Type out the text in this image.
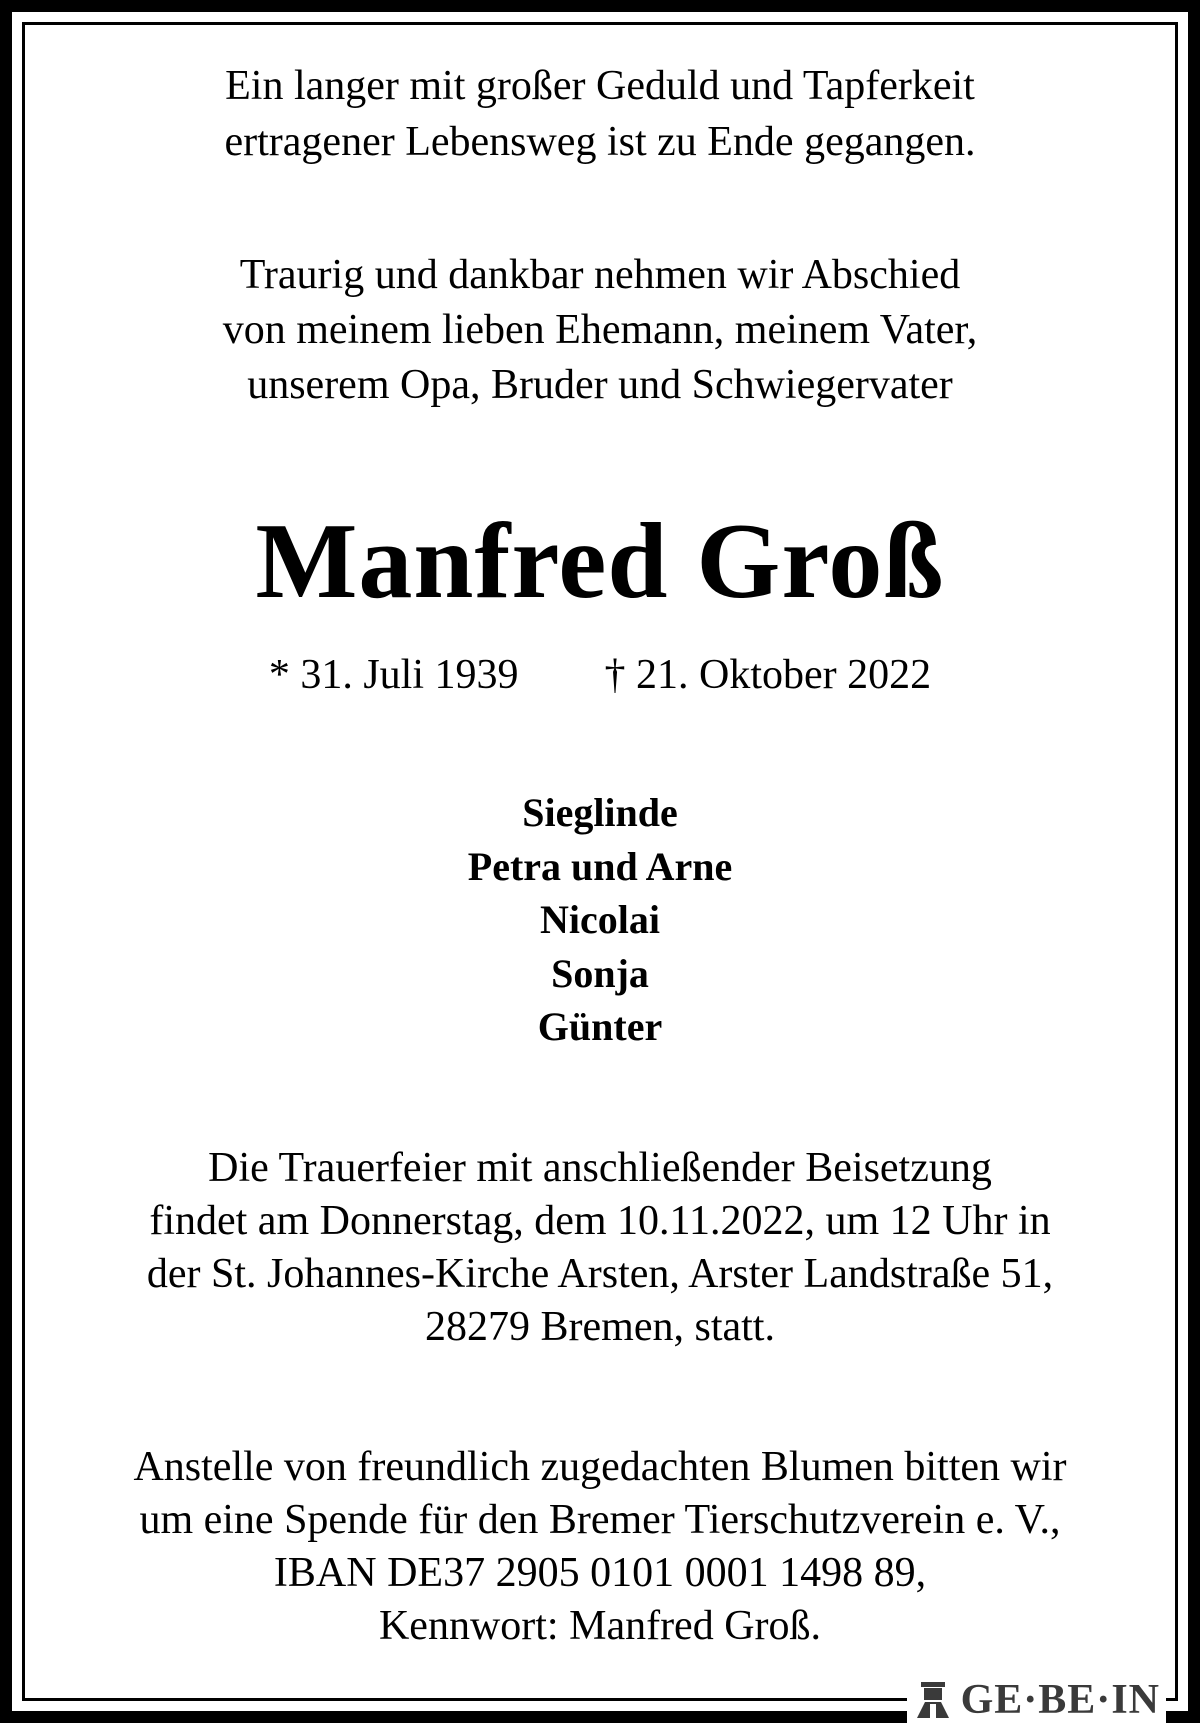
Ein langer mit großer Geduld und Tapferkeit
ertragener Lebensweg ist zu Ende gegangen.
Traurig und dankbar nehmen wir Abschied
von meinem lieben Ehemann, meinem Vater,
unserem Opa, Bruder und Schwiegervater
Manfred Groß
* 31. Juli 1939 † 21. Oktober 2022
Sieglinde
Petra und Arne
Nicolai
Sonja
Günter
Die Trauerfeier mit anschließender Beisetzung
findet am Donnerstag, dem 10.11.2022, um 12 Uhr in
der St. Johannes-Kirche Arsten, Arster Landstraße 51,
28279 Bremen, statt.
Anstelle von freundlich zugedachten Blumen bitten wir
um eine Spende für den Bremer Tierschutzverein e. V.,
IBAN DE37 2905 0101 0001 1498 89,
Kennwort: Manfred Groß.
GE·BE·IN
